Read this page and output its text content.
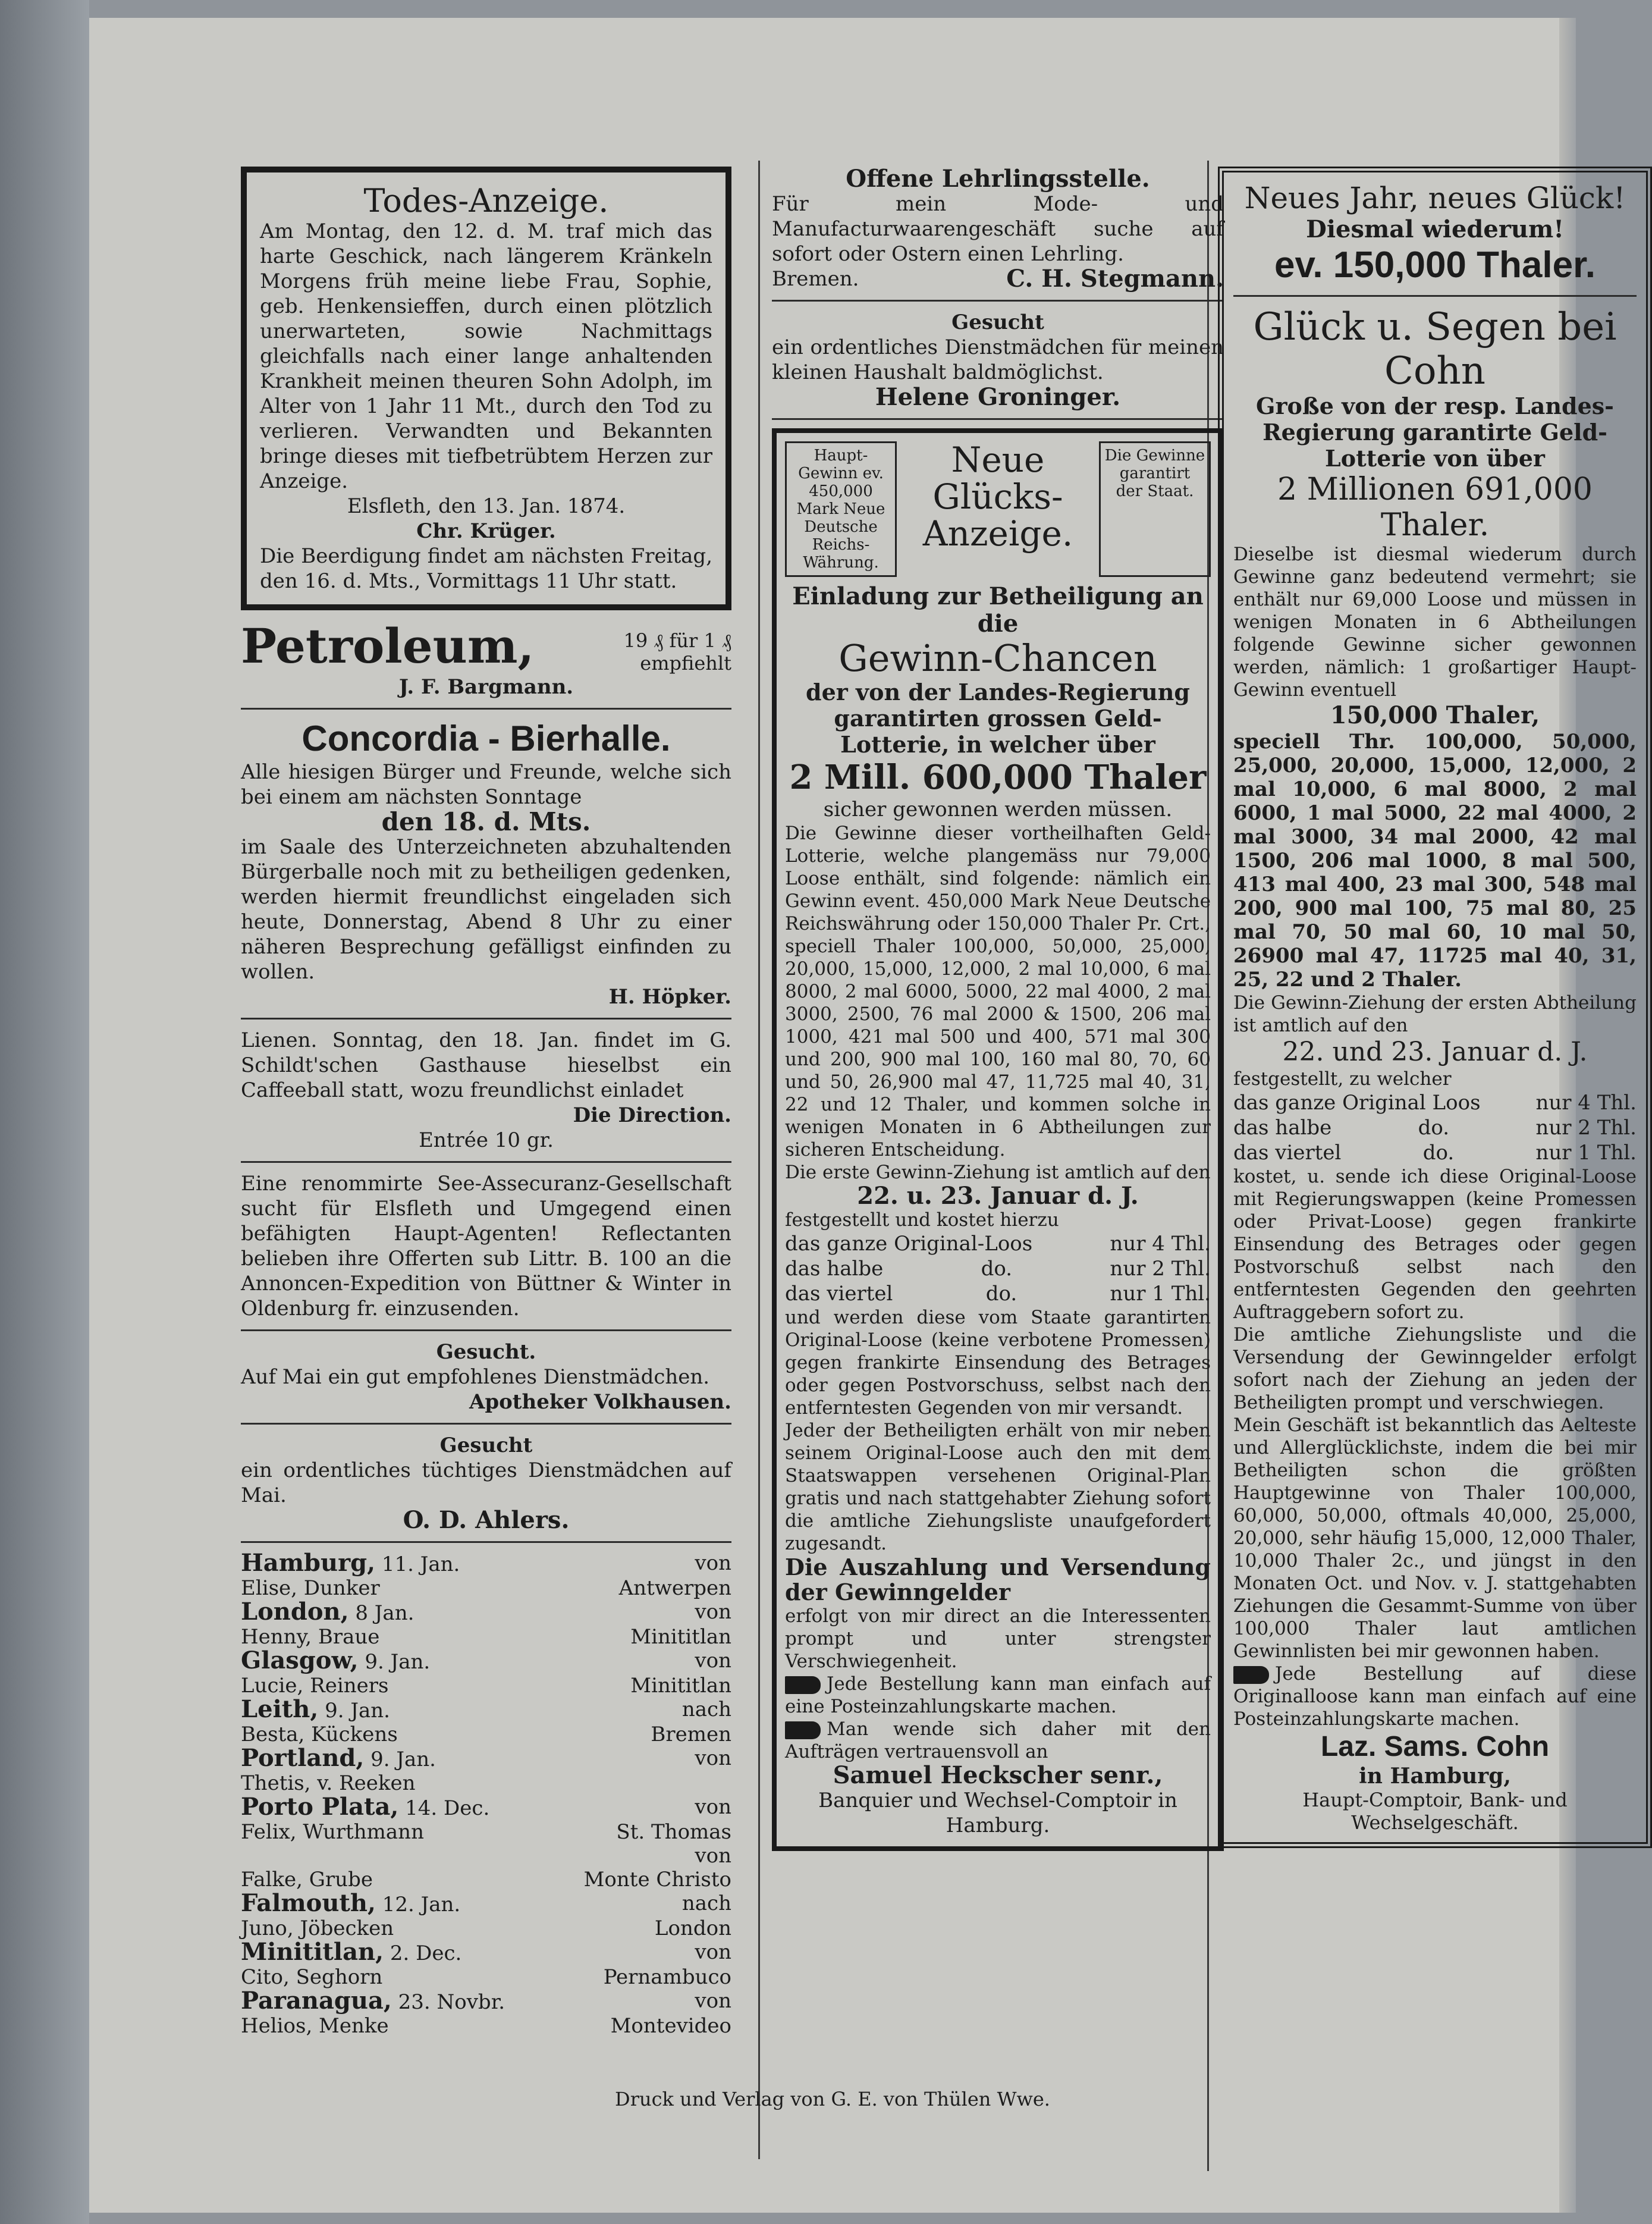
Todes-Anzeige.

Am Montag, den 12. d. M. traf mich das harte Geschick, nach längerem Kränkeln Morgens früh meine liebe Frau, Sophie, geb. Henkensieffen, durch einen plötzlich unerwarteten, sowie Nachmittags gleichfalls nach einer lange anhaltenden Krankheit meinen theuren Sohn Adolph, im Alter von 1 Jahr 11 Mt., durch den Tod zu verlieren. Verwandten und Bekannten bringe dieses mit tiefbetrübtem Herzen zur Anzeige.

Elsfleth, den 13. Jan. 1874.

Chr. Krüger.

Die Beerdigung findet am nächsten Freitag, den 16. d. Mts., Vormittags 11 Uhr statt.

Petroleum,	19 ₰ für 1 ₰
empfiehlt

J. F. Bargmann.

Concordia - Bierhalle.

Alle hiesigen Bürger und Freunde, welche sich bei einem am nächsten Sonntage

den 18. d. Mts.

im Saale des Unterzeichneten abzuhaltenden Bürgerballe noch mit zu betheiligen gedenken, werden hiermit freundlichst eingeladen sich heute, Donnerstag, Abend 8 Uhr zu einer näheren Besprechung gefälligst einfinden zu wollen.

H. Höpker.

Lienen. Sonntag, den 18. Jan. findet im G. Schildt'schen Gasthause hieselbst ein Caffeeball statt, wozu freundlichst einladet

Die Direction.

Entrée 10 gr.

Eine renommirte See-Assecuranz-Gesellschaft sucht für Elsfleth und Umgegend einen befähigten Haupt-Agenten! Reflectanten belieben ihre Offerten sub Littr. B. 100 an die Annoncen-Expedition von Büttner & Winter in Oldenburg fr. einzusenden.

Gesucht.

Auf Mai ein gut empfohlenes Dienstmädchen.

Apotheker Volkhausen.

Gesucht

ein ordentliches tüchtiges Dienstmädchen auf Mai.

O. D. Ahlers.

Hamburg, 11. Jan.	von
Elise, Dunker	Antwerpen
London, 8 Jan.	von
Henny, Braue	Minititlan
Glasgow, 9. Jan.	von
Lucie, Reiners	Minititlan
Leith, 9. Jan.	nach
Besta, Kückens	Bremen
Portland, 9. Jan.	von
Thetis, v. Reeken
Porto Plata, 14. Dec.	von
Felix, Wurthmann	St. Thomas
von
Falke, Grube	Monte Christo
Falmouth, 12. Jan.	nach
Juno, Jöbecken	London
Minititlan, 2. Dec.	von
Cito, Seghorn	Pernambuco
Paranagua, 23. Novbr.	von
Helios, Menke	Montevideo

Offene Lehrlingsstelle.

Für mein Mode- und Manufacturwaarengeschäft suche auf sofort oder Ostern einen Lehrling.

Bremen.	C. H. Stegmann.

Gesucht

ein ordentliches Dienstmädchen für meinen kleinen Haushalt baldmöglichst.

Helene Groninger.

Haupt-Gewinn ev. 450,000 Mark Neue Deutsche Reichs-Währung.
Neue Glücks-Anzeige.
Die Gewinne garantirt der Staat.

Einladung zur Betheiligung an die

Gewinn-Chancen

der von der Landes-Regierung garantirten grossen Geld-Lotterie, in welcher über

2 Mill. 600,000 Thaler

sicher gewonnen werden müssen.

Die Gewinne dieser vortheilhaften Geld-Lotterie, welche plangemäss nur 79,000 Loose enthält, sind folgende: nämlich ein Gewinn event. 450,000 Mark Neue Deutsche Reichswährung oder 150,000 Thaler Pr. Crt., speciell Thaler 100,000, 50,000, 25,000, 20,000, 15,000, 12,000, 2 mal 10,000, 6 mal 8000, 2 mal 6000, 5000, 22 mal 4000, 2 mal 3000, 2500, 76 mal 2000 & 1500, 206 mal 1000, 421 mal 500 und 400, 571 mal 300 und 200, 900 mal 100, 160 mal 80, 70, 60 und 50, 26,900 mal 47, 11,725 mal 40, 31, 22 und 12 Thaler, und kommen solche in wenigen Monaten in 6 Abtheilungen zur sicheren Entscheidung.

Die erste Gewinn-Ziehung ist amtlich auf den

22. u. 23. Januar d. J.

festgestellt und kostet hierzu

das ganze Original-Loos	nur 4 Thl.
das halbe	do.	nur 2 Thl.
das viertel	do.	nur 1 Thl.

und werden diese vom Staate garantirten Original-Loose (keine verbotene Promessen) gegen frankirte Einsendung des Betrages oder gegen Postvorschuss, selbst nach den entferntesten Gegenden von mir versandt.

Jeder der Betheiligten erhält von mir neben seinem Original-Loose auch den mit dem Staatswappen versehenen Original-Plan gratis und nach stattgehabter Ziehung sofort die amtliche Ziehungsliste unaufgefordert zugesandt.

Die Auszahlung und Versendung der Gewinngelder

erfolgt von mir direct an die Interessenten prompt und unter strengster Verschwiegenheit.

Jede Bestellung kann man einfach auf eine Posteinzahlungskarte machen.

Man wende sich daher mit den Aufträgen vertrauensvoll an

Samuel Heckscher senr.,

Banquier und Wechsel-Comptoir in Hamburg.

Neues Jahr, neues Glück!

Diesmal wiederum!

ev. 150,000 Thaler.

Glück u. Segen bei Cohn

Große von der resp. Landes-Regierung garantirte Geld-Lotterie von über

2 Millionen 691,000 Thaler.

Dieselbe ist diesmal wiederum durch Gewinne ganz bedeutend vermehrt; sie enthält nur 69,000 Loose und müssen in wenigen Monaten in 6 Abtheilungen folgende Gewinne sicher gewonnen werden, nämlich: 1 großartiger Haupt-Gewinn eventuell

150,000 Thaler,

speciell Thr. 100,000, 50,000, 25,000, 20,000, 15,000, 12,000, 2 mal 10,000, 6 mal 8000, 2 mal 6000, 1 mal 5000, 22 mal 4000, 2 mal 3000, 34 mal 2000, 42 mal 1500, 206 mal 1000, 8 mal 500, 413 mal 400, 23 mal 300, 548 mal 200, 900 mal 100, 75 mal 80, 25 mal 70, 50 mal 60, 10 mal 50, 26900 mal 47, 11725 mal 40, 31, 25, 22 und 2 Thaler.

Die Gewinn-Ziehung der ersten Abtheilung ist amtlich auf den

22. und 23. Januar d. J.

festgestellt, zu welcher

das ganze Original Loos	nur 4 Thl.
das halbe	do.	nur 2 Thl.
das viertel	do.	nur 1 Thl.

kostet, u. sende ich diese Original-Loose mit Regierungswappen (keine Promessen oder Privat-Loose) gegen frankirte Einsendung des Betrages oder gegen Postvorschuß selbst nach den entferntesten Gegenden den geehrten Auftraggebern sofort zu.

Die amtliche Ziehungsliste und die Versendung der Gewinngelder erfolgt sofort nach der Ziehung an jeden der Betheiligten prompt und verschwiegen.

Mein Geschäft ist bekanntlich das Aelteste und Allerglücklichste, indem die bei mir Betheiligten schon die größten Hauptgewinne von Thaler 100,000, 60,000, 50,000, oftmals 40,000, 25,000, 20,000, sehr häufig 15,000, 12,000 Thaler, 10,000 Thaler 2c., und jüngst in den Monaten Oct. und Nov. v. J. stattgehabten Ziehungen die Gesammt-Summe von über 100,000 Thaler laut amtlichen Gewinnlisten bei mir gewonnen haben.

Jede Bestellung auf diese Originalloose kann man einfach auf eine Posteinzahlungskarte machen.

Laz. Sams. Cohn

in Hamburg,

Haupt-Comptoir, Bank- und Wechselgeschäft.

Druck und Verlag von G. E. von Thülen Wwe.
